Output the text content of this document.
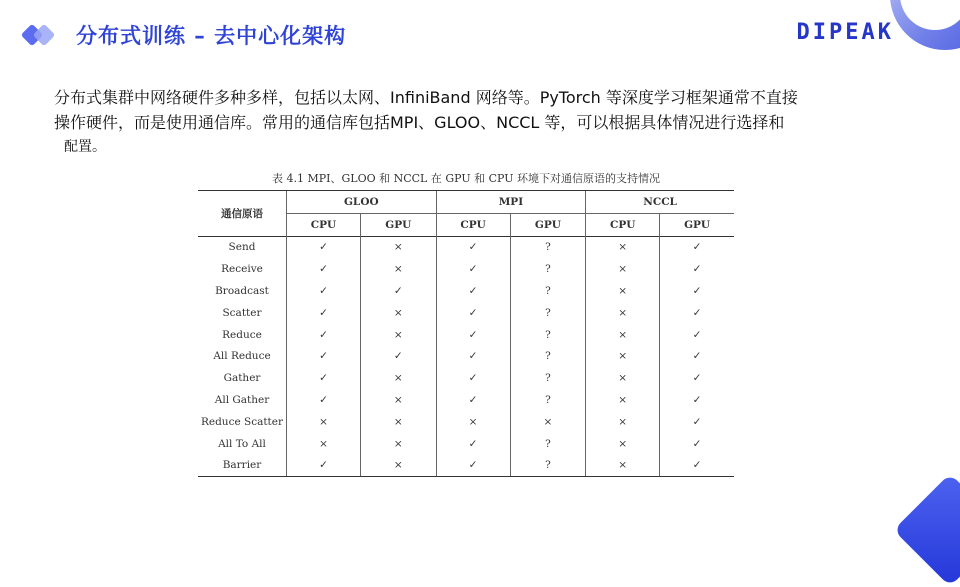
分布式训练 – 去中心化架构	DIPEAK
分布式集群中网络硬件多种多样，包括以太网、InfiniBand 网络等。PyTorch 等深度学习框架通常不直接
操作硬件，而是使用通信库。常用的通信库包括MPI、GLOO、NCCL 等，可以根据具体情况进行选择和
配置。
表 4.1 MPI、GLOO 和 NCCL 在 GPU 和 CPU 环境下对通信原语的支持情况
通信原语	GLOO		MPI		NCCL	
	CPU	GPU	CPU	GPU	CPU	GPU
Send	✓	×	✓	?	×	✓
Receive	✓	×	✓	?	×	✓
Broadcast	✓	✓	✓	?	×	✓
Scatter	✓	×	✓	?	×	✓
Reduce	✓	×	✓	?	×	✓
All Reduce	✓	✓	✓	?	×	✓
Gather	✓	×	✓	?	×	✓
All Gather	✓	×	✓	?	×	✓
Reduce Scatter	×	×	×	×	×	✓
All To All	×	×	✓	?	×	✓
Barrier	✓	×	✓	?	×	✓
